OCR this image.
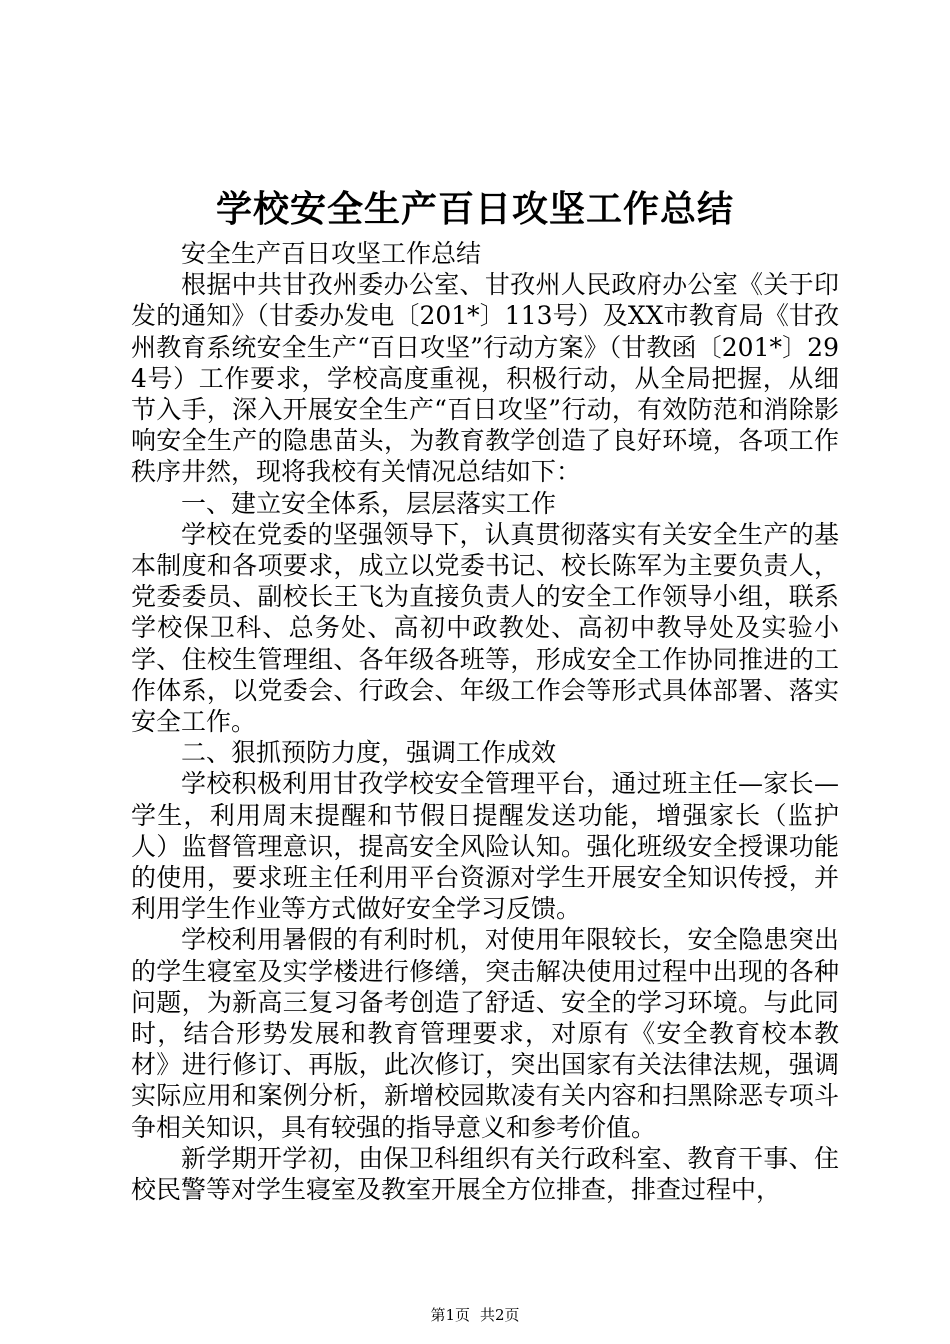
学校安全生产百日攻坚工作总结

安全生产百日攻坚工作总结

根据中共甘孜州委办公室、甘孜州人民政府办公室《关于印发的通知》（甘委办发电〔201*〕113号）及XX市教育局《甘孜州教育系统安全生产“百日攻坚”行动方案》（甘教函〔201*〕294号）工作要求，学校高度重视，积极行动，从全局把握，从细节入手，深入开展安全生产“百日攻坚”行动，有效防范和消除影响安全生产的隐患苗头，为教育教学创造了良好环境，各项工作秩序井然，现将我校有关情况总结如下：

一、建立安全体系，层层落实工作

学校在党委的坚强领导下，认真贯彻落实有关安全生产的基本制度和各项要求，成立以党委书记、校长陈军为主要负责人，党委委员、副校长王飞为直接负责人的安全工作领导小组，联系学校保卫科、总务处、高初中政教处、高初中教导处及实验小学、住校生管理组、各年级各班等，形成安全工作协同推进的工作体系，以党委会、行政会、年级工作会等形式具体部署、落实安全工作。

二、狠抓预防力度，强调工作成效

学校积极利用甘孜学校安全管理平台，通过班主任—家长—学生，利用周末提醒和节假日提醒发送功能，增强家长（监护人）监督管理意识，提高安全风险认知。强化班级安全授课功能的使用，要求班主任利用平台资源对学生开展安全知识传授，并利用学生作业等方式做好安全学习反馈。

学校利用暑假的有利时机，对使用年限较长，安全隐患突出的学生寝室及实学楼进行修缮，突击解决使用过程中出现的各种问题，为新高三复习备考创造了舒适、安全的学习环境。与此同时，结合形势发展和教育管理要求，对原有《安全教育校本教材》进行修订、再版，此次修订，突出国家有关法律法规，强调实际应用和案例分析，新增校园欺凌有关内容和扫黑除恶专项斗争相关知识，具有较强的指导意义和参考价值。

新学期开学初，由保卫科组织有关行政科室、教育干事、住校民警等对学生寝室及教室开展全方位排查，排查过程中，

第1页 共2页
